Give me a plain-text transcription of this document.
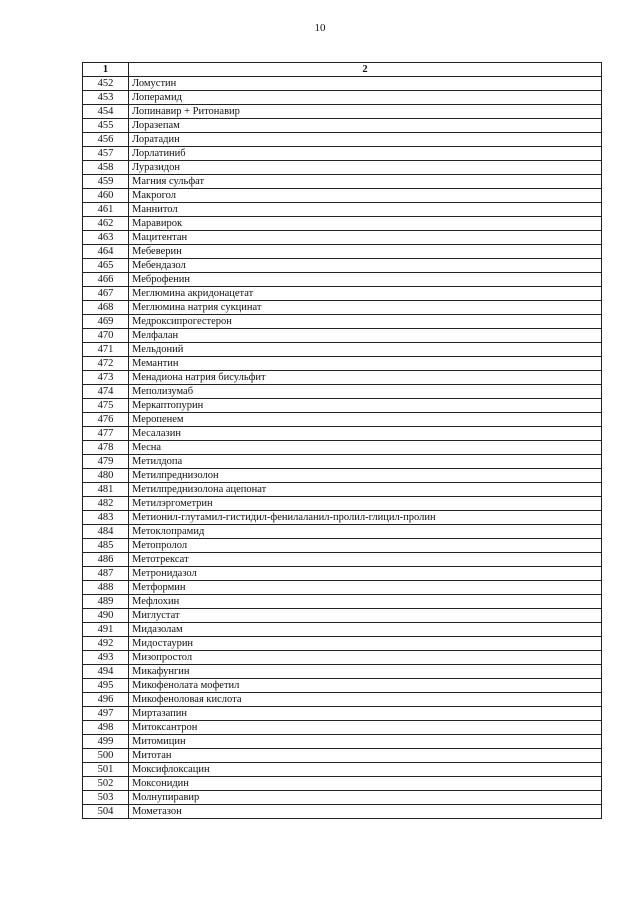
10
1	2
452	Ломустин
453	Лоперамид
454	Лопинавир + Ритонавир
455	Лоразепам
456	Лоратадин
457	Лорлатиниб
458	Луразидон
459	Магния сульфат
460	Макрогол
461	Маннитол
462	Маравирок
463	Мацитентан
464	Мебеверин
465	Мебендазол
466	Меброфенин
467	Меглюмина акридонацетат
468	Меглюмина натрия сукцинат
469	Медроксипрогестерон
470	Мелфалан
471	Мельдоний
472	Мемантин
473	Менадиона натрия бисульфит
474	Меполизумаб
475	Меркаптопурин
476	Меропенем
477	Месалазин
478	Месна
479	Метилдопа
480	Метилпреднизолон
481	Метилпреднизолона ацепонат
482	Метилэргометрин
483	Метионил-глутамил-гистидил-фенилаланил-пролил-глицил-пролин
484	Метоклопрамид
485	Метопролол
486	Метотрексат
487	Метронидазол
488	Метформин
489	Мефлохин
490	Миглустат
491	Мидазолам
492	Мидостаурин
493	Мизопростол
494	Микафунгин
495	Микофенолата мофетил
496	Микофеноловая кислота
497	Миртазапин
498	Митоксантрон
499	Митомицин
500	Митотан
501	Моксифлоксацин
502	Моксонидин
503	Молнупиравир
504	Мометазон
